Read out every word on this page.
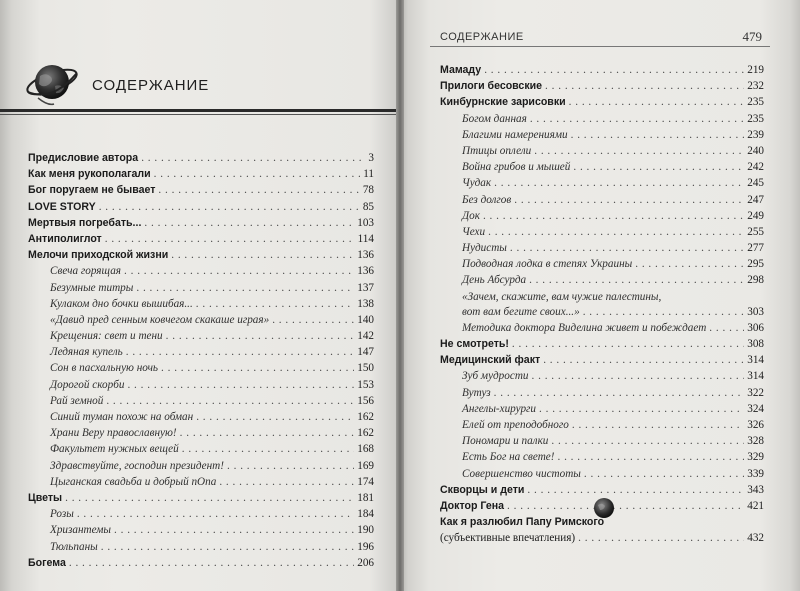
СОДЕРЖАНИЕ
Предисловие автора . . .	3
Как меня рукополагали . . .	11
Бог поругаем не бывает . . .	78
LOVE STORY . . .	85
Мертвыя погребать... . . .	103
Антиполиглот . . .	114
Мелочи приходской жизни . . .	136
Свеча горящая . . .	136
Безумные титры . . .	137
Кулаком дно бочки вышибая... . . .	138
«Давид пред сенным ковчегом скакаше играя» . . .	140
Крещения: свет и тени . . .	142
Ледяная купель . . .	147
Сон в пасхальную ночь . . .	150
Дорогой скорби . . .	153
Рай земной . . .	156
Синий туман похож на обман . . .	162
Храни Веру православную! . . .	162
Факультет нужных вещей . . .	168
Здравствуйте, господин президент! . . .	169
Цыганская свадьба и добрый пОпа . . .	174
Цветы . . .	181
Розы . . .	184
Хризантемы . . .	190
Тюльпаны . . .	196
Богема . . .	206
СОДЕРЖАНИЕ	479
Мамаду . . .	219
Прилоги бесовские . . .	232
Кинбурнские зарисовки . . .	235
Богом данная . . .	235
Благими намерениями . . .	239
Птицы оплели . . .	240
Война грибов и мышей . . .	242
Чудак . . .	245
Без долгов . . .	247
Док . . .	249
Чехи . . .	255
Нудисты . . .	277
Подводная лодка в степях Украины . . .	295
День Абсурда . . .	298
«Зачем, скажите, вам чужие палестины,
вот вам бегите своих...» . . .	303
Методика доктора Виделина живет и побеждает . . .	306
Не смотреть! . . .	308
Медицинский факт . . .	314
Зуб мудрости . . .	314
Вутуз . . .	322
Ангелы-хирурги . . .	324
Елей от преподобного . . .	326
Пономари и палки . . .	328
Есть Бог на свете! . . .	329
Совершенство чистоты . . .	339
Скворцы и дети . . .	343
Доктор Гена . . .	421
Как я разлюбил Папу Римского
(субъективные впечатления) . . .	432
